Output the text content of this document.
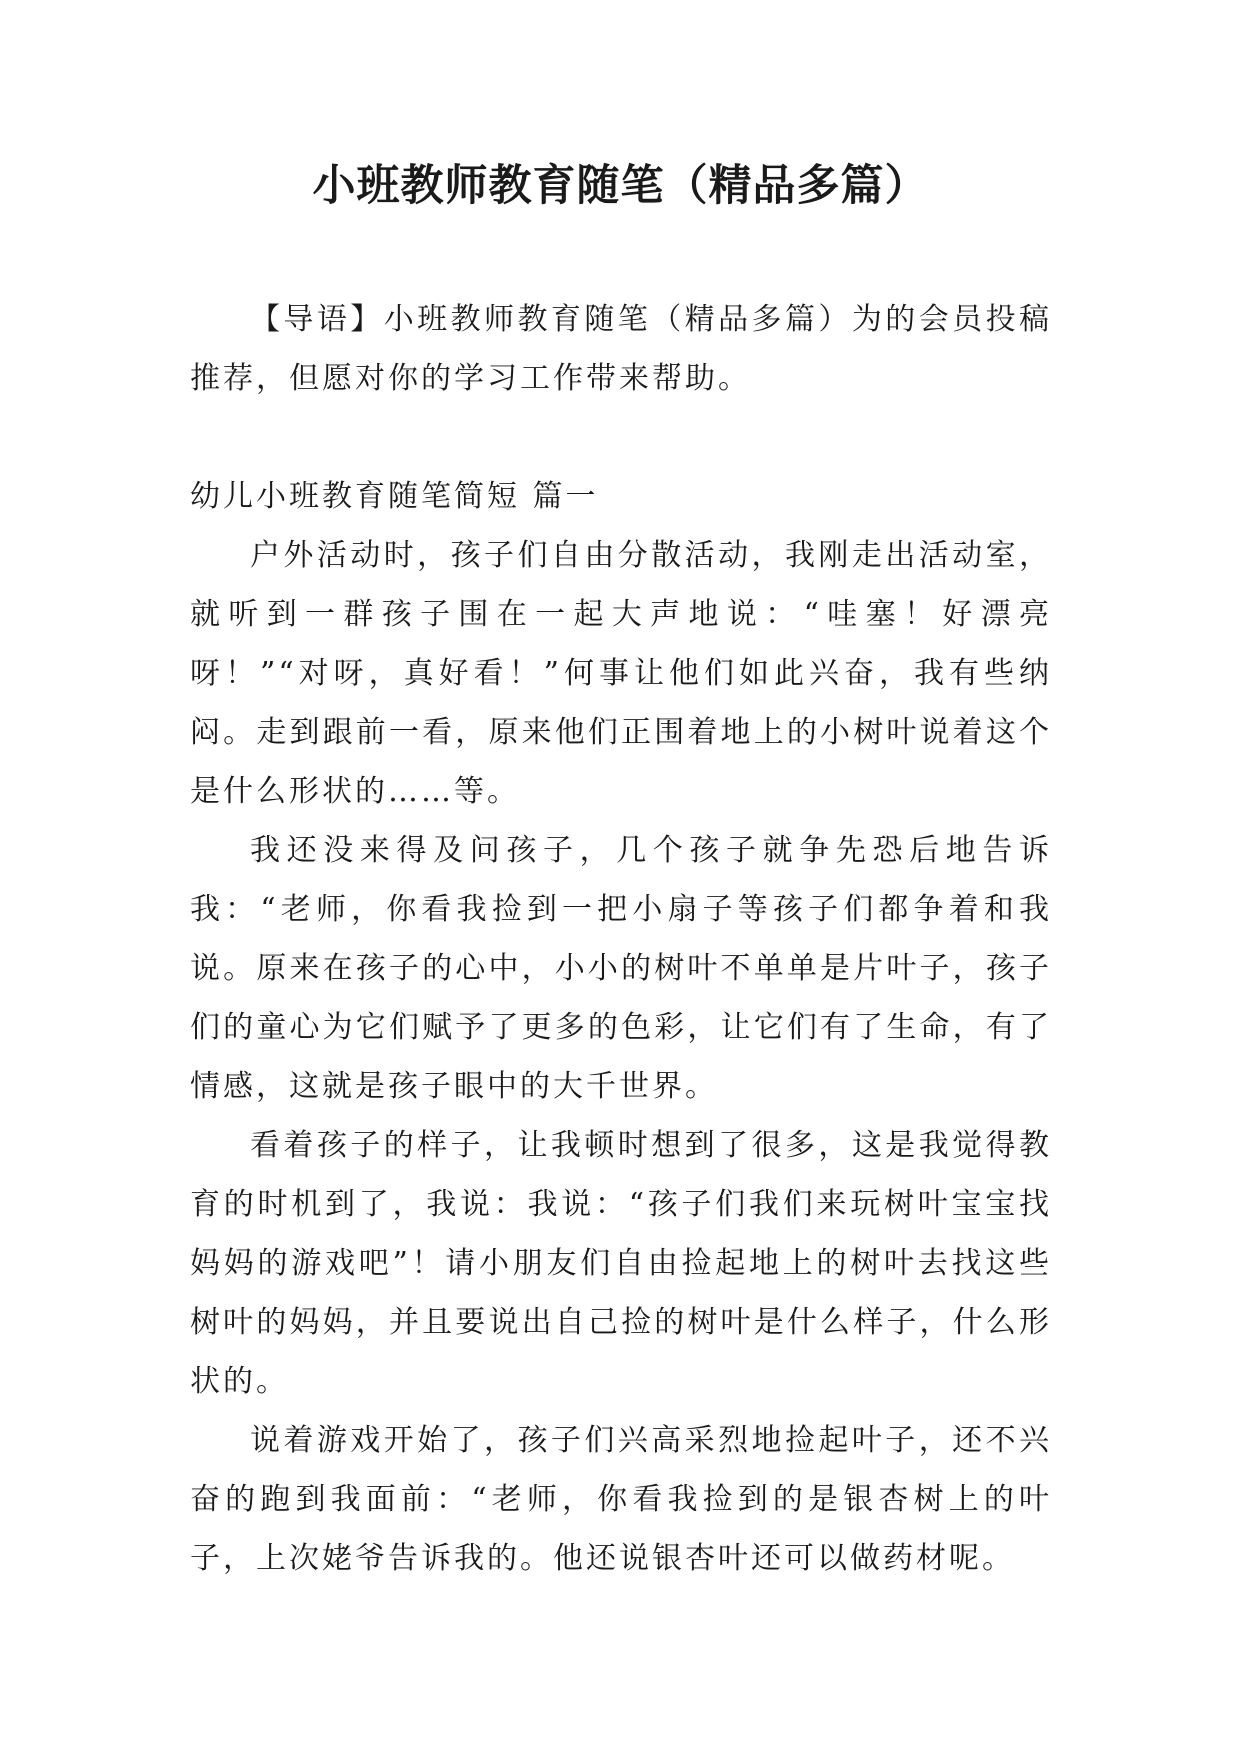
小班教师教育随笔（精品多篇）

【导语】小班教师教育随笔（精品多篇）为的会员投稿推荐，但愿对你的学习工作带来帮助。

幼儿小班教育随笔简短 篇一

户外活动时，孩子们自由分散活动，我刚走出活动室，就听到一群孩子围在一起大声地说：“哇塞！好漂亮呀！”“对呀，真好看！”何事让他们如此兴奋，我有些纳闷。走到跟前一看，原来他们正围着地上的小树叶说着这个是什么形状的……等。

我还没来得及问孩子，几个孩子就争先恐后地告诉我：“老师，你看我捡到一把小扇子等孩子们都争着和我说。原来在孩子的心中，小小的树叶不单单是片叶子，孩子们的童心为它们赋予了更多的色彩，让它们有了生命，有了情感，这就是孩子眼中的大千世界。

看着孩子的样子，让我顿时想到了很多，这是我觉得教育的时机到了，我说：我说：“孩子们我们来玩树叶宝宝找妈妈的游戏吧”！请小朋友们自由捡起地上的树叶去找这些树叶的妈妈，并且要说出自己捡的树叶是什么样子，什么形状的。

说着游戏开始了，孩子们兴高采烈地捡起叶子，还不兴奋的跑到我面前：“老师，你看我捡到的是银杏树上的叶子，上次姥爷告诉我的。他还说银杏叶还可以做药材呢。
